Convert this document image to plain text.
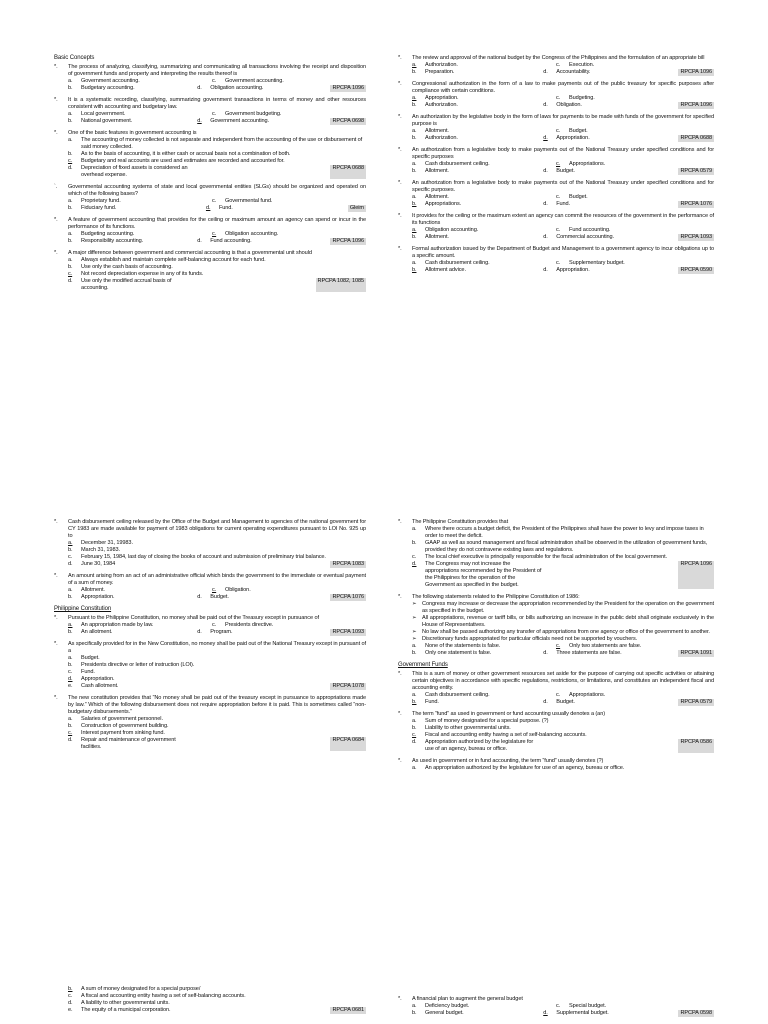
Basic Concepts
*.	The process of analyzing, classifying, summarizing and communicating all transactions involving the receipt and disposition of government funds and property and interpreting the results thereof is
a.	Government accounting.	c.	Government accounting.
b.	Budgetary accounting.	d.	Obligation accounting.	RPCPA 1096
*.	It is a systematic recording, classifying, summarizing government transactions in terms of money and other resources consistent with accounting and budgetary law.
a.	Local government.	c.	Government budgeting.
b.	National government.	d.	Government accounting.	RPCPA 0698
*.	One of the basic features in government accounting is
a.	The accounting of money collected is not separate and independent from the accounting of the use or disbursement of said money collected.
b.	As to the basis of accounting, it is either cash or accrual basis not a combination of both.
c.	Budgetary and real accounts are used and estimates are recorded and accounted for.
d.	Depreciation of fixed assets is considered an overhead expense.
RPCPA 0688
`.	Governmental accounting systems of state and local governmental entities (SLGs) should be organized and operated on which of the following bases?
a.	Proprietary fund.	c.	Governmental fund.
b.	Fiduciary fund.	d.	Fund.	Gleim
*.	A feature of government accounting that provides for the ceiling or maximum amount an agency can spend or incur in the performance of its functions.
a.	Budgeting accounting.	c.	Obligation accounting.
b.	Responsibility accounting.	d.	Fund accounting.	RPCPA 1096
*.	A major difference between government and commercial accounting is that a governmental unit should
a.	Always establish and maintain complete self-balancing account for each fund.
b.	Use only the cash basis of accounting.
c.	Not record depreciation expense in any of its funds.
d.	Use only the modified accrual basis of accounting.
RPCPA 1082, 1085
*.	The review and approval of the national budget by the Congress of the Philippines and the formulation of an appropriate bill
a.	Authorization.	c.	Execution.
b.	Preparation.	d.	Accountability.	RPCPA 1096
*.	Congressional authorization in the form of a law to make payments out of the public treasury for specific purposes after compliance with certain conditions.
a.	Appropriation.	c.	Budgeting.
b.	Authorization.	d.	Obligation.	RPCPA 1096
*.	An authorization by the legislative body in the form of laws for payments to be made with funds of the government for specified purpose is
a.	Allotment.	c.	Budget.
b.	Authorization.	d.	Appropriation.	RPCPA 0688
*.	An authorization from a legislative body to make payments out of the National Treasury under specified conditions and for specific purposes
a.	Cash disbursement ceiling.	c.	Appropriations.
b.	Allotment.	d.	Budget.	RPCPA 0579
*.	An authorization from a legislative body to make payments out of the National Treasury under specified conditions and for specific purposes.
a.	Allotment.	c.	Budget.
b.	Appropriations.	d.	Fund.	RPCPA 1076
*.	It provides for the ceiling or the maximum extent an agency can commit the resources of the government in the performance of its functions
a.	Obligation accounting.	c.	Fund accounting.
b.	Allotment.	d.	Commercial accounting.	RPCPA 1093
*.	Formal authorization issued by the Department of Budget and Management to a government agency to incur obligations up to a specific amount.
a.	Cash disbursement ceiling.	c.	Supplementary budget.
b.	Allotment advice.	d.	Appropriation.	RPCPA 0590
*.	Cash disbursement ceiling released by the Office of the Budget and Management to agencies of the national government for CY 1983 are made available for payment of 1983 obligations for current operating expenditures pursuant to LOI No. 925 up to
a.	December 31, 19983.
b.	March 31, 1983.
c.	February 15, 1984, last day of closing the books of account and submission of preliminary trial balance.
d.	June 30, 1984	RPCPA 1083
*.	An amount arising from an act of an administrative official which binds the government to the immediate or eventual payment of a sum of money.
a.	Allotment.	c.	Obligation.
b.	Appropriation.	d.	Budget.	RPCPA 1076
Philippine Constitution
*.	Pursuant to the Philippine Constitution, no money shall be paid out of the Treasury except in pursuance of
a.	An appropriation made by law.	c.	Presidents directive.
b.	An allotment.	d.	Program.	RPCPA 1093
*.	As specifically provided for in the New Constitution, no money shall be paid out of the National Treasury except in pursuant of a
a.	Budget.
b.	Presidents directive or letter of instruction (LOI).
c.	Fund.
d.	Appropriation.
e.	Cash allotment.	RPCPA 1078
*.	The new constitution provides that “No money shall be paid out of the treasury except in pursuance to appropriations made by law.” Which of the following disbursement does not require appropriation before it is paid. This is sometimes called “non-budgetary disbursements.”
a.	Salaries of government personnel.
b.	Construction of government building.
c.	Interest payment from sinking fund.
d.	Repair and maintenance of government facilities.
RPCPA 0684
*.	The Philippine Constitution provides that
a.	Where there occurs a budget deficit, the President of the Philippines shall have the power to levy and impose taxes in order to meet the deficit.
b.	GAAP as well as sound management and fiscal administration shall be observed in the utilization of government funds, provided they do not contravene existing laws and regulations.
c.	The local chief executive is principally responsible for the fiscal administration of the local government.
d.	The Congress may not increase the appropriations recommended by the President of the Philippines for the operation of the Government as specified in the budget.
RPCPA 1096
*.	The following statements related to the Philippine Constitution of 1986:
➢ Congress may increase or decrease the appropriation recommended by the President for the operation on the government as specified in the budget.
➢ All appropriations, revenue or tariff bills, or bills authorizing an increase in the public debt shall originate exclusively in the House of Representatives.
➢ No law shall be passed authorizing any transfer of appropriations from one agency or office of the government to another.
➢ Discretionary funds appropriated for particular officials need not be supported by vouchers.
a.	None of the statements is false.	c.	Only two statements are false.
b.	Only one statement is false.	d.	Three statements are false.	RPCPA 1091
Government Funds
*.	This is a sum of money or other government resources set aside for the purpose of carrying out specific activities or attaining certain objectives in accordance with specific regulations, restrictions, or limitations, and constitutes an independent fiscal and accounting entity.
a.	Cash disbursement ceiling.	c.	Appropriations.
b.	Fund.	d.	Budget.	RPCPA 0579
*.	The term “fund” as used in government or fund accounting usually denotes a (an)
a.	Sum of money designated for a special purpose. (?)
b.	Liability to other governmental units.
c.	Fiscal and accounting entity having a set of self-balancing accounts.
d.	Appropriation authorized by the legislature for use of an agency, bureau or office.
RPCPA 0586
*.	As used in government or in fund accounting, the term “fund” usually denotes (?)
a.	An appropriation authorized by the legislature for use of an agency, bureau or office.
b.	A sum of money designated for a special purpose/
c.	A fiscal and accounting entity having a set of self-balancing accounts.
d.	A liability to other governmental units.
e.	The equity of a municipal corporation.	RPCPA 0681
*.	A financial plan to augment the general budget
a.	Deficiency budget.	c.	Special budget.
b.	General budget.	d.	Supplemental budget.	RPCPA 0598
